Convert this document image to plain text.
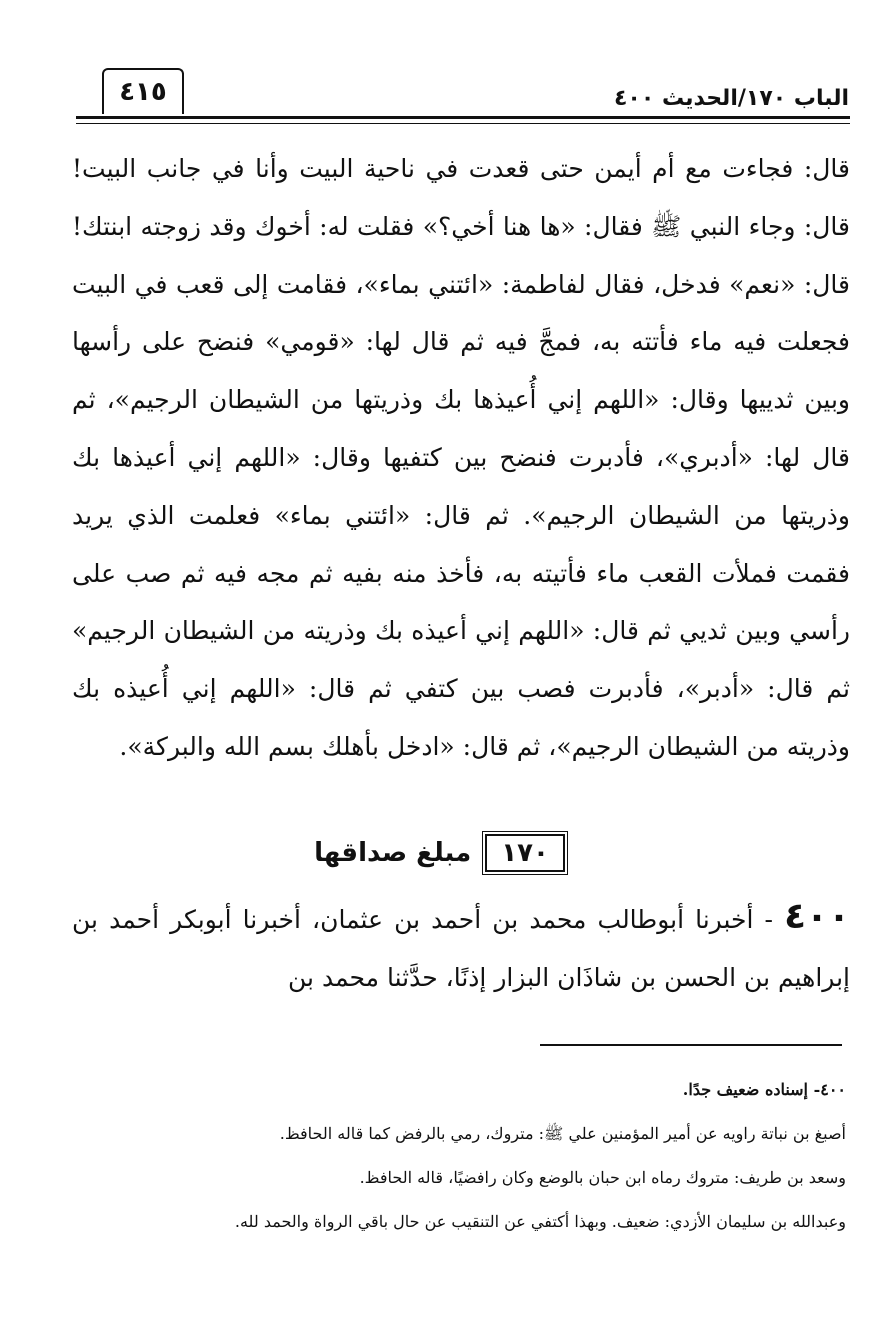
الباب ١٧٠/الحديث ٤٠٠
٤١٥

قال: فجاءت مع أم أيمن حتى قعدت في ناحية البيت وأنا في جانب البيت! قال: وجاء النبي ﷺ فقال: «ها هنا أخي؟» فقلت له: أخوك وقد زوجته ابنتك! قال: «نعم» فدخل، فقال لفاطمة: «ائتني بماء»، فقامت إلى قعب في البيت فجعلت فيه ماء فأتته به، فمجَّ فيه ثم قال لها: «قومي» فنضح على رأسها وبين ثدييها وقال: «اللهم إني أُعيذها بك وذريتها من الشيطان الرجيم»، ثم قال لها: «أدبري»، فأدبرت فنضح بين كتفيها وقال: «اللهم إني أعيذها بك وذريتها من الشيطان الرجيم». ثم قال: «ائتني بماء» فعلمت الذي يريد فقمت فملأت القعب ماء فأتيته به، فأخذ منه بفيه ثم مجه فيه ثم صب على رأسي وبين ثديي ثم قال: «اللهم إني أعيذه بك وذريته من الشيطان الرجيم» ثم قال: «أدبر»، فأدبرت فصب بين كتفي ثم قال: «اللهم إني أُعيذه بك وذريته من الشيطان الرجيم»، ثم قال: «ادخل بأهلك بسم الله والبركة».

١٧٠
مبلغ صداقها

٤٠٠ - أخبرنا أبوطالب محمد بن أحمد بن عثمان، أخبرنا أبوبكر أحمد بن إبراهيم بن الحسن بن شاذَان البزار إذنًا، حدَّثنا محمد بن

٤٠٠- إسناده ضعيف جدًا.

أصبغ بن نباتة راويه عن أمير المؤمنين علي ﷺ: متروك، رمي بالرفض كما قاله الحافظ.

وسعد بن طريف: متروك رماه ابن حبان بالوضع وكان رافضيًا، قاله الحافظ.

وعبدالله بن سليمان الأزدي: ضعيف. وبهذا أكتفي عن التنقيب عن حال باقي الرواة والحمد لله.
